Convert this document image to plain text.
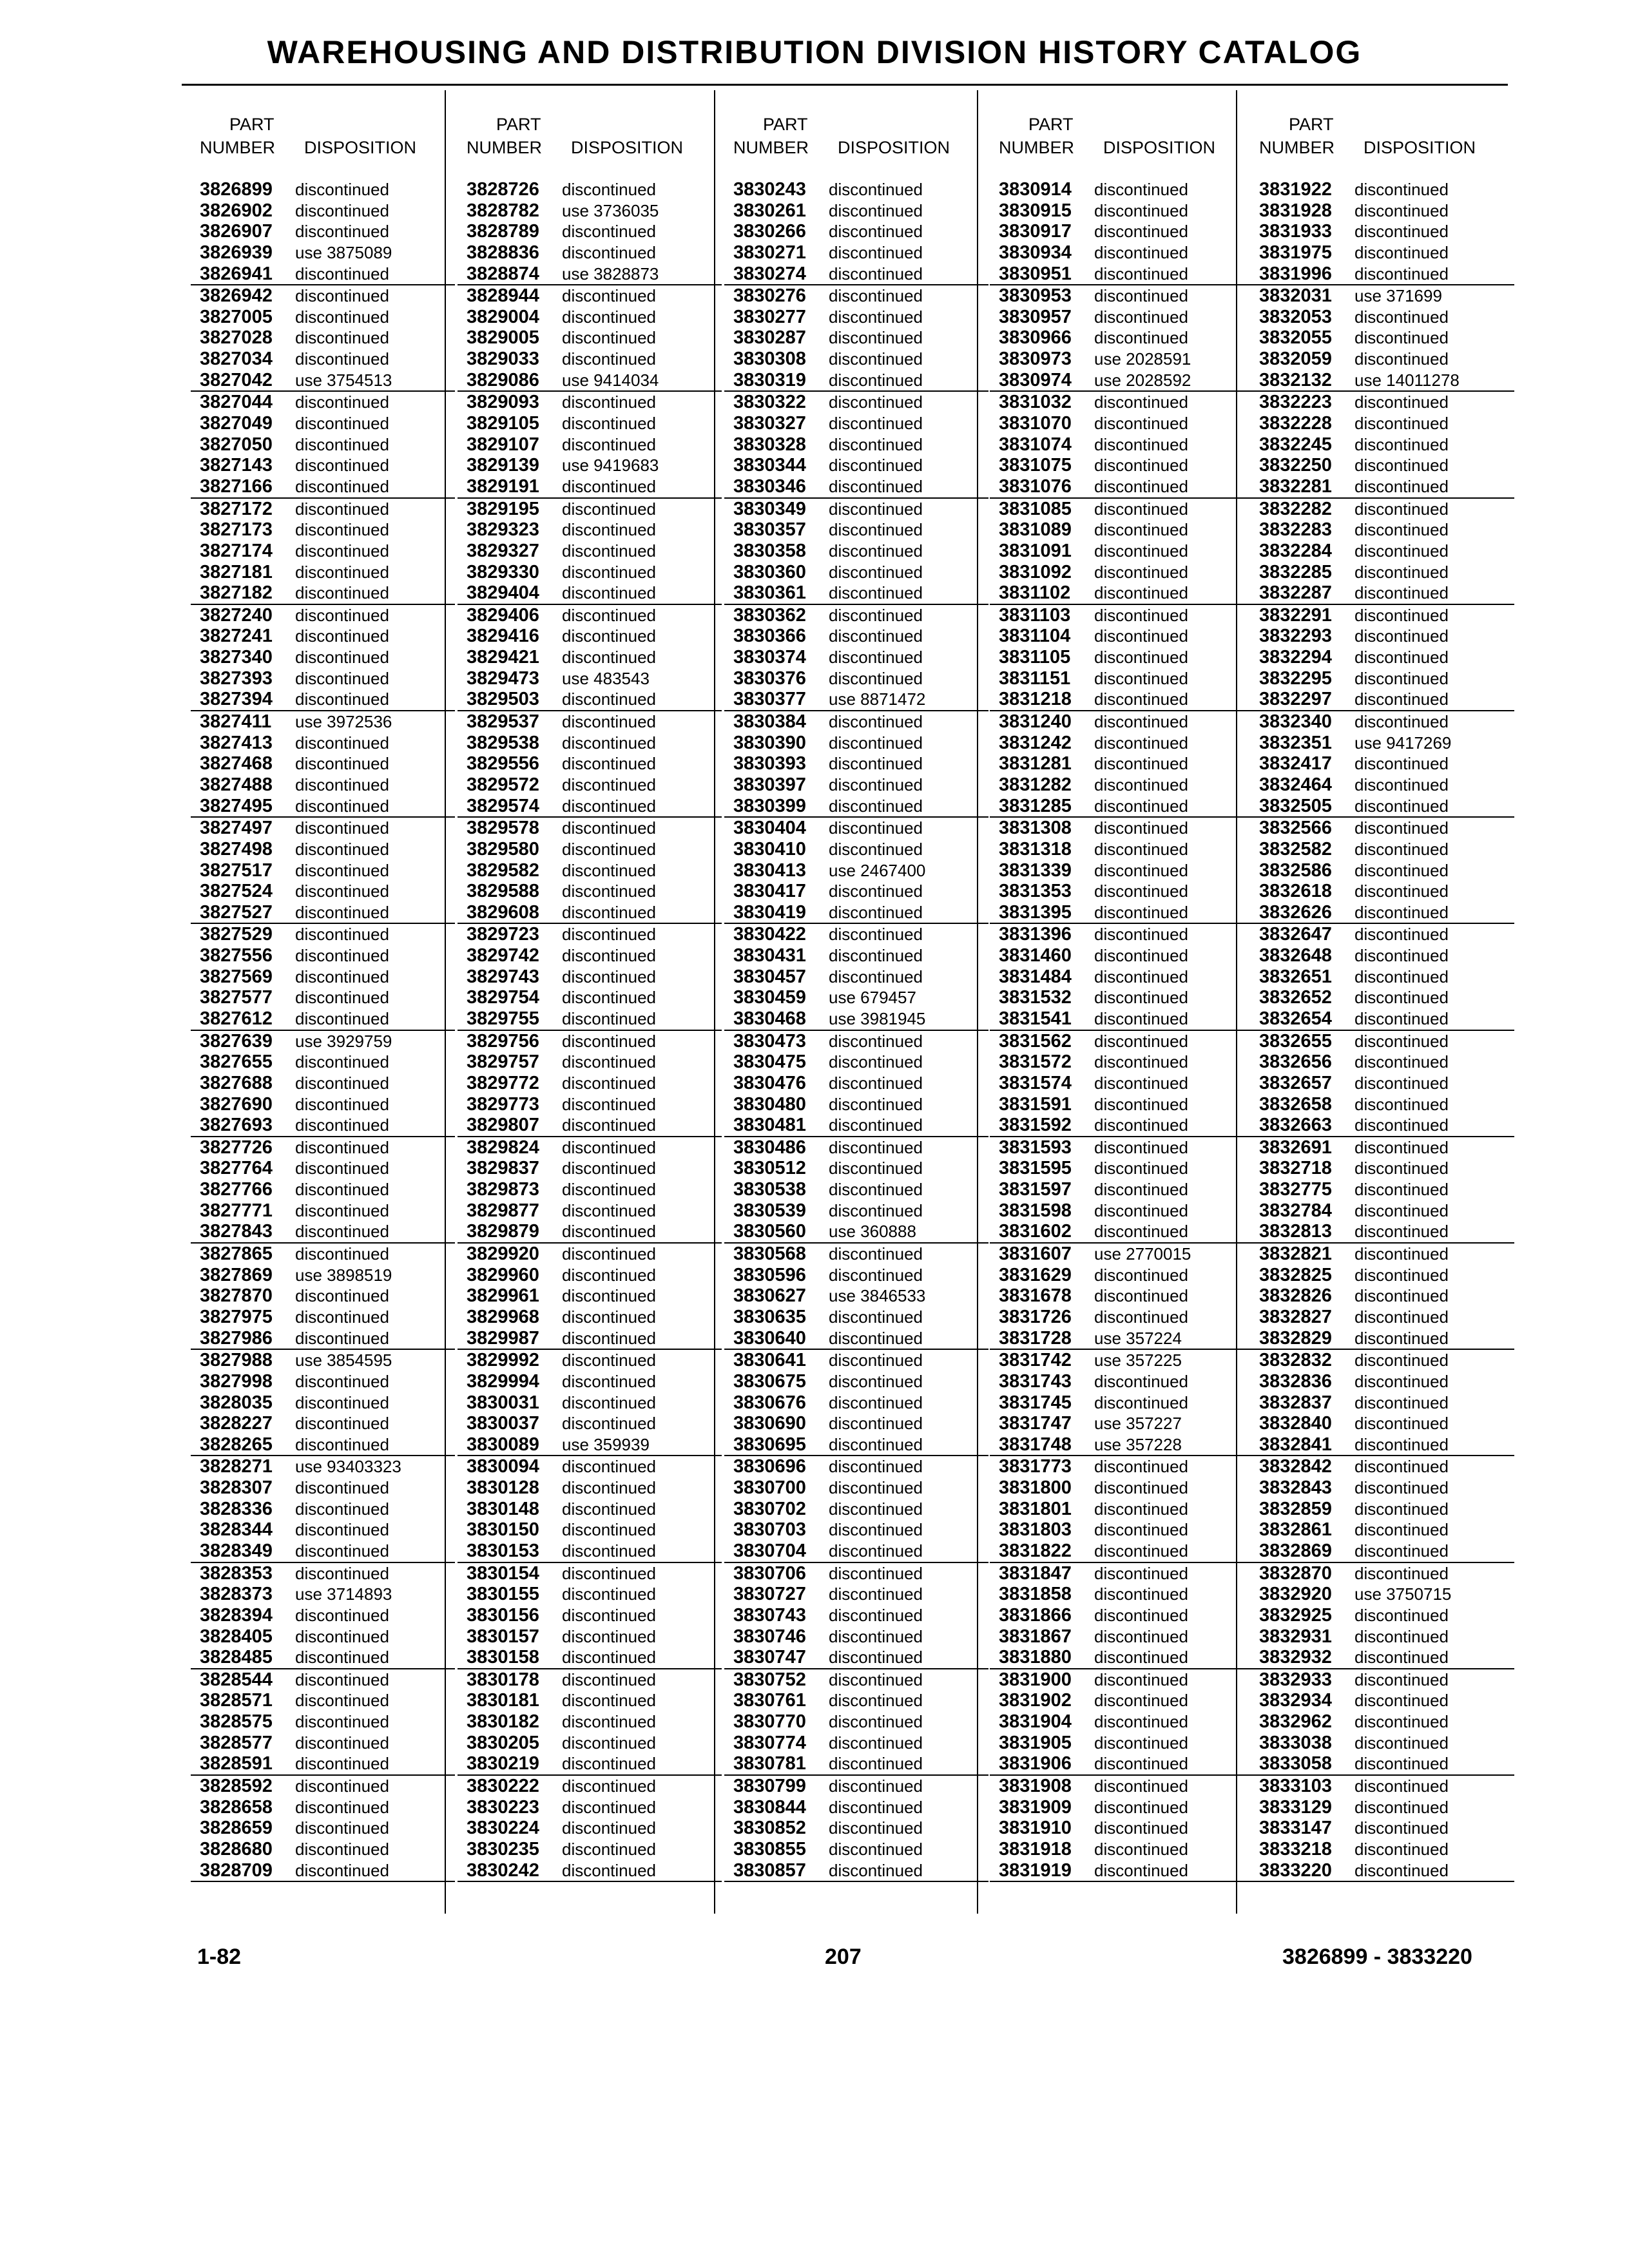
WAREHOUSING AND DISTRIBUTION DIVISION HISTORY CATALOG
PART
NUMBER DISPOSITION
3826899 discontinued
3826902 discontinued
3826907 discontinued
3826939 use 3875089
3826941 discontinued
3826942 discontinued
3827005 discontinued
3827028 discontinued
3827034 discontinued
3827042 use 3754513
3827044 discontinued
3827049 discontinued
3827050 discontinued
3827143 discontinued
3827166 discontinued
3827172 discontinued
3827173 discontinued
3827174 discontinued
3827181 discontinued
3827182 discontinued
3827240 discontinued
3827241 discontinued
3827340 discontinued
3827393 discontinued
3827394 discontinued
3827411 use 3972536
3827413 discontinued
3827468 discontinued
3827488 discontinued
3827495 discontinued
3827497 discontinued
3827498 discontinued
3827517 discontinued
3827524 discontinued
3827527 discontinued
3827529 discontinued
3827556 discontinued
3827569 discontinued
3827577 discontinued
3827612 discontinued
3827639 use 3929759
3827655 discontinued
3827688 discontinued
3827690 discontinued
3827693 discontinued
3827726 discontinued
3827764 discontinued
3827766 discontinued
3827771 discontinued
3827843 discontinued
3827865 discontinued
3827869 use 3898519
3827870 discontinued
3827975 discontinued
3827986 discontinued
3827988 use 3854595
3827998 discontinued
3828035 discontinued
3828227 discontinued
3828265 discontinued
3828271 use 93403323
3828307 discontinued
3828336 discontinued
3828344 discontinued
3828349 discontinued
3828353 discontinued
3828373 use 3714893
3828394 discontinued
3828405 discontinued
3828485 discontinued
3828544 discontinued
3828571 discontinued
3828575 discontinued
3828577 discontinued
3828591 discontinued
3828592 discontinued
3828658 discontinued
3828659 discontinued
3828680 discontinued
3828709 discontinued
PART
NUMBER DISPOSITION
3828726 discontinued
3828782 use 3736035
3828789 discontinued
3828836 discontinued
3828874 use 3828873
3828944 discontinued
3829004 discontinued
3829005 discontinued
3829033 discontinued
3829086 use 9414034
3829093 discontinued
3829105 discontinued
3829107 discontinued
3829139 use 9419683
3829191 discontinued
3829195 discontinued
3829323 discontinued
3829327 discontinued
3829330 discontinued
3829404 discontinued
3829406 discontinued
3829416 discontinued
3829421 discontinued
3829473 use 483543
3829503 discontinued
3829537 discontinued
3829538 discontinued
3829556 discontinued
3829572 discontinued
3829574 discontinued
3829578 discontinued
3829580 discontinued
3829582 discontinued
3829588 discontinued
3829608 discontinued
3829723 discontinued
3829742 discontinued
3829743 discontinued
3829754 discontinued
3829755 discontinued
3829756 discontinued
3829757 discontinued
3829772 discontinued
3829773 discontinued
3829807 discontinued
3829824 discontinued
3829837 discontinued
3829873 discontinued
3829877 discontinued
3829879 discontinued
3829920 discontinued
3829960 discontinued
3829961 discontinued
3829968 discontinued
3829987 discontinued
3829992 discontinued
3829994 discontinued
3830031 discontinued
3830037 discontinued
3830089 use 359939
3830094 discontinued
3830128 discontinued
3830148 discontinued
3830150 discontinued
3830153 discontinued
3830154 discontinued
3830155 discontinued
3830156 discontinued
3830157 discontinued
3830158 discontinued
3830178 discontinued
3830181 discontinued
3830182 discontinued
3830205 discontinued
3830219 discontinued
3830222 discontinued
3830223 discontinued
3830224 discontinued
3830235 discontinued
3830242 discontinued
PART
NUMBER DISPOSITION
3830243 discontinued
3830261 discontinued
3830266 discontinued
3830271 discontinued
3830274 discontinued
3830276 discontinued
3830277 discontinued
3830287 discontinued
3830308 discontinued
3830319 discontinued
3830322 discontinued
3830327 discontinued
3830328 discontinued
3830344 discontinued
3830346 discontinued
3830349 discontinued
3830357 discontinued
3830358 discontinued
3830360 discontinued
3830361 discontinued
3830362 discontinued
3830366 discontinued
3830374 discontinued
3830376 discontinued
3830377 use 8871472
3830384 discontinued
3830390 discontinued
3830393 discontinued
3830397 discontinued
3830399 discontinued
3830404 discontinued
3830410 discontinued
3830413 use 2467400
3830417 discontinued
3830419 discontinued
3830422 discontinued
3830431 discontinued
3830457 discontinued
3830459 use 679457
3830468 use 3981945
3830473 discontinued
3830475 discontinued
3830476 discontinued
3830480 discontinued
3830481 discontinued
3830486 discontinued
3830512 discontinued
3830538 discontinued
3830539 discontinued
3830560 use 360888
3830568 discontinued
3830596 discontinued
3830627 use 3846533
3830635 discontinued
3830640 discontinued
3830641 discontinued
3830675 discontinued
3830676 discontinued
3830690 discontinued
3830695 discontinued
3830696 discontinued
3830700 discontinued
3830702 discontinued
3830703 discontinued
3830704 discontinued
3830706 discontinued
3830727 discontinued
3830743 discontinued
3830746 discontinued
3830747 discontinued
3830752 discontinued
3830761 discontinued
3830770 discontinued
3830774 discontinued
3830781 discontinued
3830799 discontinued
3830844 discontinued
3830852 discontinued
3830855 discontinued
3830857 discontinued
PART
NUMBER DISPOSITION
3830914 discontinued
3830915 discontinued
3830917 discontinued
3830934 discontinued
3830951 discontinued
3830953 discontinued
3830957 discontinued
3830966 discontinued
3830973 use 2028591
3830974 use 2028592
3831032 discontinued
3831070 discontinued
3831074 discontinued
3831075 discontinued
3831076 discontinued
3831085 discontinued
3831089 discontinued
3831091 discontinued
3831092 discontinued
3831102 discontinued
3831103 discontinued
3831104 discontinued
3831105 discontinued
3831151 discontinued
3831218 discontinued
3831240 discontinued
3831242 discontinued
3831281 discontinued
3831282 discontinued
3831285 discontinued
3831308 discontinued
3831318 discontinued
3831339 discontinued
3831353 discontinued
3831395 discontinued
3831396 discontinued
3831460 discontinued
3831484 discontinued
3831532 discontinued
3831541 discontinued
3831562 discontinued
3831572 discontinued
3831574 discontinued
3831591 discontinued
3831592 discontinued
3831593 discontinued
3831595 discontinued
3831597 discontinued
3831598 discontinued
3831602 discontinued
3831607 use 2770015
3831629 discontinued
3831678 discontinued
3831726 discontinued
3831728 use 357224
3831742 use 357225
3831743 discontinued
3831745 discontinued
3831747 use 357227
3831748 use 357228
3831773 discontinued
3831800 discontinued
3831801 discontinued
3831803 discontinued
3831822 discontinued
3831847 discontinued
3831858 discontinued
3831866 discontinued
3831867 discontinued
3831880 discontinued
3831900 discontinued
3831902 discontinued
3831904 discontinued
3831905 discontinued
3831906 discontinued
3831908 discontinued
3831909 discontinued
3831910 discontinued
3831918 discontinued
3831919 discontinued
PART
NUMBER DISPOSITION
3831922 discontinued
3831928 discontinued
3831933 discontinued
3831975 discontinued
3831996 discontinued
3832031 use 371699
3832053 discontinued
3832055 discontinued
3832059 discontinued
3832132 use 14011278
3832223 discontinued
3832228 discontinued
3832245 discontinued
3832250 discontinued
3832281 discontinued
3832282 discontinued
3832283 discontinued
3832284 discontinued
3832285 discontinued
3832287 discontinued
3832291 discontinued
3832293 discontinued
3832294 discontinued
3832295 discontinued
3832297 discontinued
3832340 discontinued
3832351 use 9417269
3832417 discontinued
3832464 discontinued
3832505 discontinued
3832566 discontinued
3832582 discontinued
3832586 discontinued
3832618 discontinued
3832626 discontinued
3832647 discontinued
3832648 discontinued
3832651 discontinued
3832652 discontinued
3832654 discontinued
3832655 discontinued
3832656 discontinued
3832657 discontinued
3832658 discontinued
3832663 discontinued
3832691 discontinued
3832718 discontinued
3832775 discontinued
3832784 discontinued
3832813 discontinued
3832821 discontinued
3832825 discontinued
3832826 discontinued
3832827 discontinued
3832829 discontinued
3832832 discontinued
3832836 discontinued
3832837 discontinued
3832840 discontinued
3832841 discontinued
3832842 discontinued
3832843 discontinued
3832859 discontinued
3832861 discontinued
3832869 discontinued
3832870 discontinued
3832920 use 3750715
3832925 discontinued
3832931 discontinued
3832932 discontinued
3832933 discontinued
3832934 discontinued
3832962 discontinued
3833038 discontinued
3833058 discontinued
3833103 discontinued
3833129 discontinued
3833147 discontinued
3833218 discontinued
3833220 discontinued
1-82	207	3826899 - 3833220
